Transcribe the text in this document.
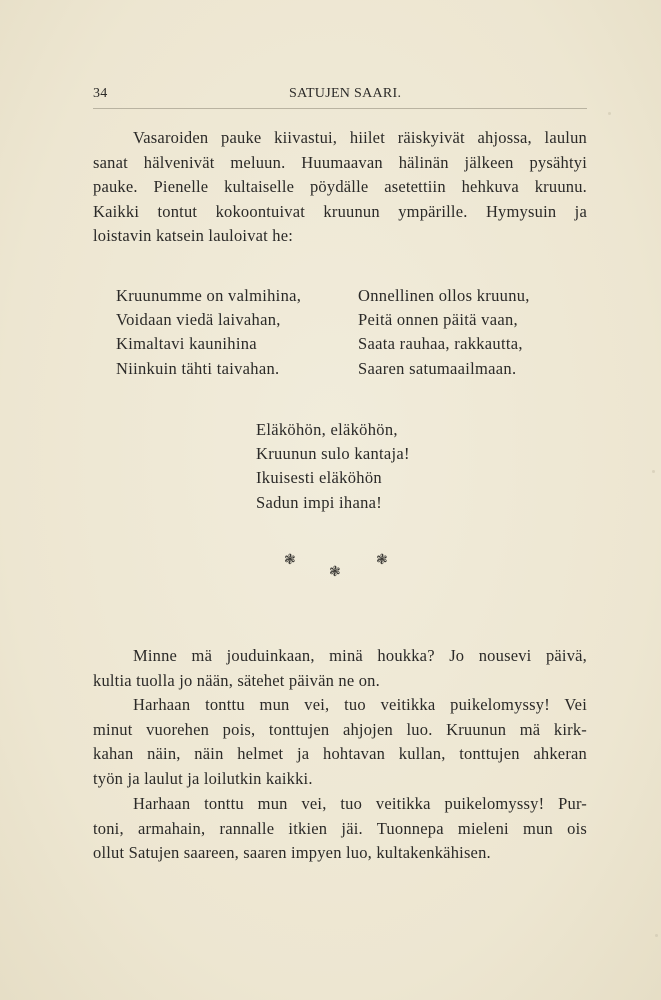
34	SATUJEN SAARI.
Vasaroiden pauke kiivastui, hiilet räiskyivät ahjossa, laulun
sanat hälvenivät meluun. Huumaavan hälinän jälkeen pysähtyi
pauke. Pienelle kultaiselle pöydälle asetettiin hehkuva kruunu.
Kaikki tontut kokoontuivat kruunun ympärille. Hymysuin ja
loistavin katsein lauloivat he:
Kruunumme on valmihina,
Voidaan viedä laivahan,
Kimaltavi kaunihina
Niinkuin tähti taivahan.
Onnellinen ollos kruunu,
Peitä onnen päitä vaan,
Saata rauhaa, rakkautta,
Saaren satumaailmaan.
Eläköhön, eläköhön,
Kruunun sulo kantaja!
Ikuisesti eläköhön
Sadun impi ihana!
❃	❃
❃
Minne mä jouduinkaan, minä houkka? Jo nousevi päivä,
kultia tuolla jo nään, sätehet päivän ne on.
Harhaan tonttu mun vei, tuo veitikka puikelomyssy! Vei
minut vuorehen pois, tonttujen ahjojen luo. Kruunun mä kirk-
kahan näin, näin helmet ja hohtavan kullan, tonttujen ahkeran
työn ja laulut ja loilutkin kaikki.
Harhaan tonttu mun vei, tuo veitikka puikelomyssy! Pur-
toni, armahain, rannalle itkien jäi. Tuonnepa mieleni mun ois
ollut Satujen saareen, saaren impyen luo, kultakenkähisen.
